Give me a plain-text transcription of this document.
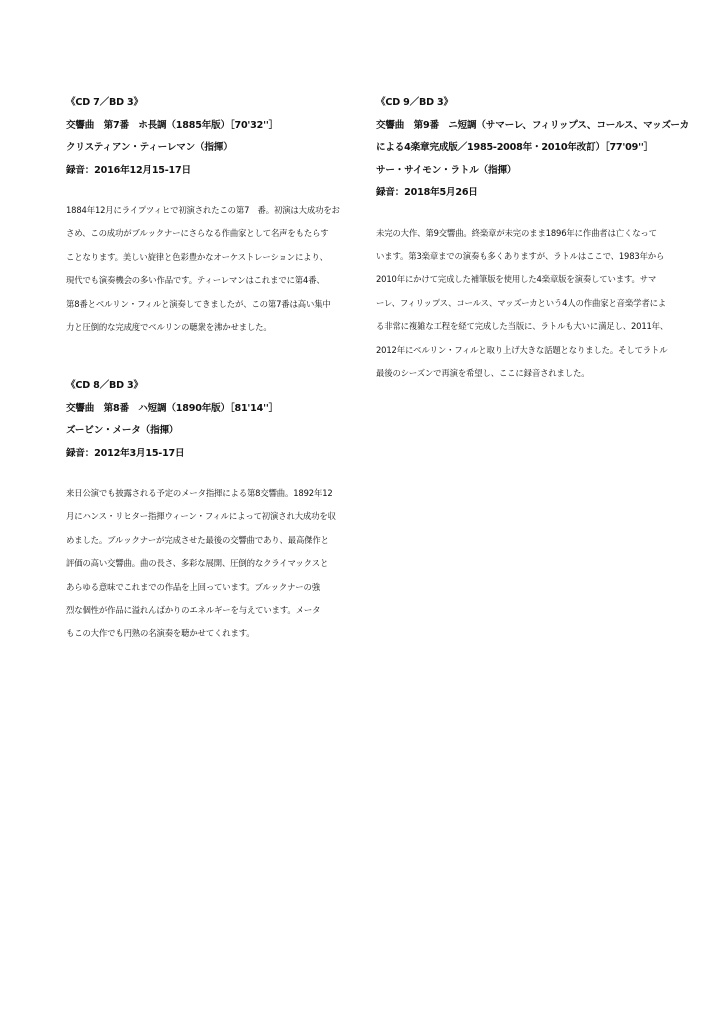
《CD 7／BD 3》
交響曲　第7番　ホ長調（1885年版）［70'32''］
クリスティアン・ティーレマン（指揮）
録音：2016年12月15-17日
1884年12月にライプツィヒで初演されたこの第7　番。初演は大成功をお
さめ、この成功がブルックナーにさらなる作曲家として名声をもたらす
ことなります。美しい旋律と色彩豊かなオーケストレーションにより、
現代でも演奏機会の多い作品です。ティーレマンはこれまでに第4番、
第8番とベルリン・フィルと演奏してきましたが、この第7番は高い集中
力と圧倒的な完成度でベルリンの聴衆を沸かせました。
《CD 8／BD 3》
交響曲　第8番　ハ短調（1890年版）［81'14''］
ズービン・メータ（指揮）
録音：2012年3月15-17日
来日公演でも披露される予定のメータ指揮による第8交響曲。1892年12
月にハンス・リヒター指揮ウィーン・フィルによって初演され大成功を収
めました。ブルックナーが完成させた最後の交響曲であり、最高傑作と
評価の高い交響曲。曲の長さ、多彩な展開、圧倒的なクライマックスと
あらゆる意味でこれまでの作品を上回っています。ブルックナーの強
烈な個性が作品に溢れんばかりのエネルギーを与えています。メータ
もこの大作でも円熟の名演奏を聴かせてくれます。
《CD 9／BD 3》
交響曲　第9番　ニ短調（サマーレ、フィリップス、コールス、マッズーカ
による4楽章完成版／1985-2008年・2010年改訂）［77'09''］
サー・サイモン・ラトル（指揮）
録音：2018年5月26日
未完の大作、第9交響曲。終楽章が未完のまま1896年に作曲者は亡くなって
います。第3楽章までの演奏も多くありますが、ラトルはここで、1983年から
2010年にかけて完成した補筆版を使用した4楽章版を演奏しています。サマ
ーレ、フィリップス、コールス、マッズーカという4人の作曲家と音楽学者によ
る非常に複雑な工程を経て完成した当版に、ラトルも大いに満足し、2011年、
2012年にベルリン・フィルと取り上げ大きな話題となりました。そしてラトル
最後のシーズンで再演を希望し、ここに録音されました。
